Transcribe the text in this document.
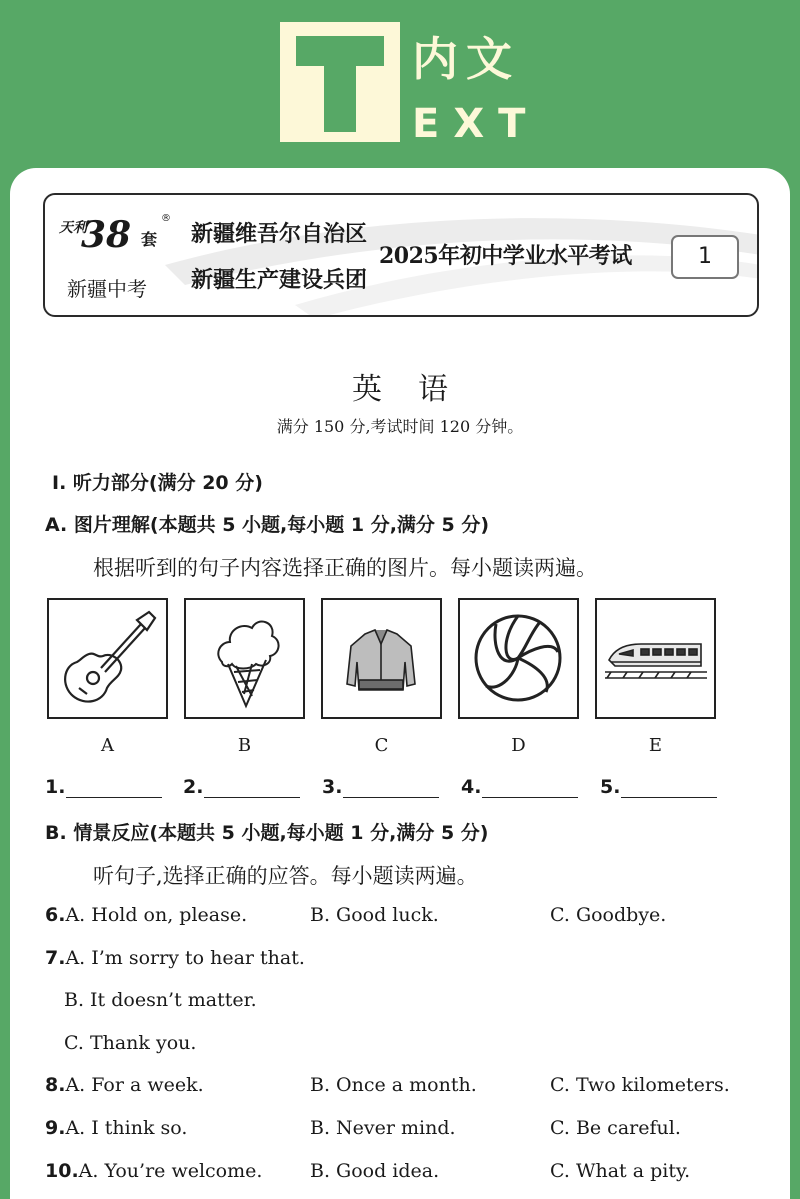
内文
EXT
天利
38 套
®
新疆中考
新疆维吾尔自治区
新疆生产建设兵团
2025年初中学业水平考试	1
英语
满分 150 分,考试时间 120 分钟。
Ⅰ. 听力部分(满分 20 分)
A. 图片理解(本题共 5 小题,每小题 1 分,满分 5 分)
根据听到的句子内容选择正确的图片。每小题读两遍。
A	B	C	D	E
1.	2.	3.	4.	5.
B. 情景反应(本题共 5 小题,每小题 1 分,满分 5 分)
听句子,选择正确的应答。每小题读两遍。
6.A. Hold on, please.	B. Good luck.	C. Goodbye.
7.A. I’m sorry to hear that.
B. It doesn’t matter.
C. Thank you.
8.A. For a week.	B. Once a month.	C. Two kilometers.
9.A. I think so.	B. Never mind.	C. Be careful.
10.A. You’re welcome.	B. Good idea.	C. What a pity.
